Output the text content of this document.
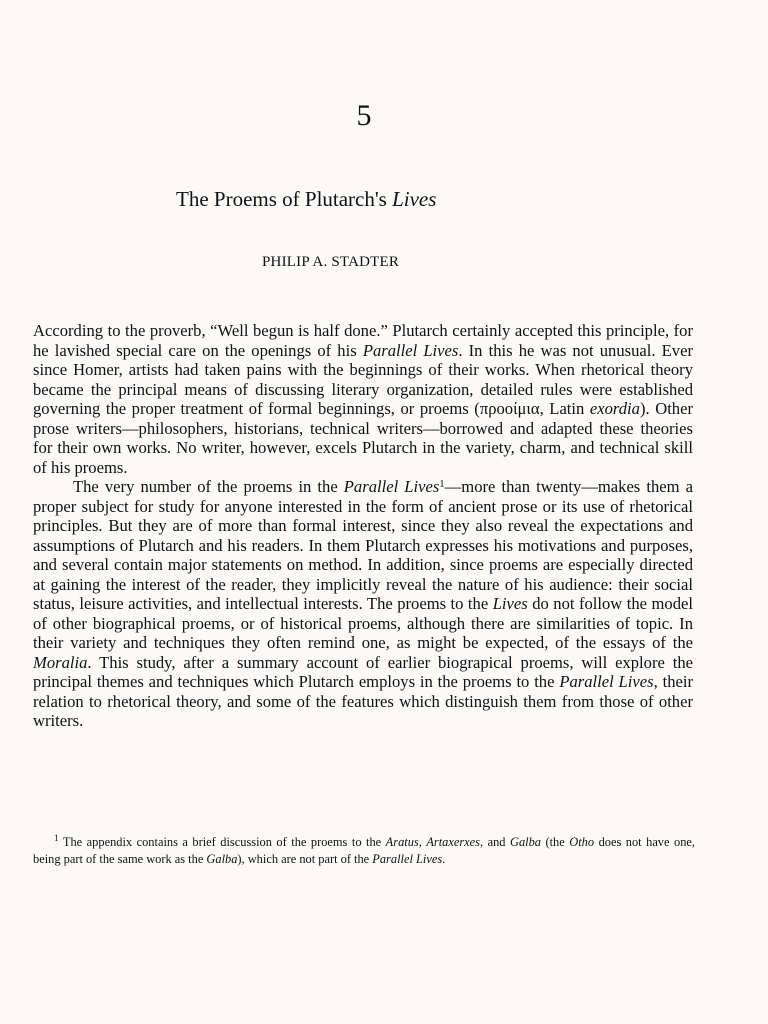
5
The Proems of Plutarch's Lives
PHILIP A. STADTER

According to the proverb, “Well begun is half done.” Plutarch certainly accepted this principle, for he lavished special care on the openings of his Parallel Lives. In this he was not unusual. Ever since Homer, artists had taken pains with the beginnings of their works. When rhetorical theory became the principal means of discussing literary organization, detailed rules were established governing the proper treatment of formal beginnings, or proems (προοίμια, Latin exordia). Other prose writers—philosophers, historians, technical writers—borrowed and adapted these theories for their own works. No writer, however, excels Plutarch in the variety, charm, and technical skill of his proems.

The very number of the proems in the Parallel Lives$^1$—more than twenty—makes them a proper subject for study for anyone interested in the form of ancient prose or its use of rhetorical principles. But they are of more than formal interest, since they also reveal the expectations and assumptions of Plutarch and his readers. In them Plutarch expresses his motivations and purposes, and several contain major statements on method. In addition, since proems are especially directed at gaining the interest of the reader, they implicitly reveal the nature of his audience: their social status, leisure activities, and intellectual interests. The proems to the Lives do not follow the model of other biographical proems, or of historical proems, although there are similarities of topic. In their variety and techniques they often remind one, as might be expected, of the essays of the Moralia. This study, after a summary account of earlier biograpical proems, will explore the principal themes and techniques which Plutarch employs in the proems to the Parallel Lives, their relation to rhetorical theory, and some of the features which distinguish them from those of other writers.

$^1$ The appendix contains a brief discussion of the proems to the Aratus, Artaxerxes, and Galba (the Otho does not have one, being part of the same work as the Galba), which are not part of the Parallel Lives.
